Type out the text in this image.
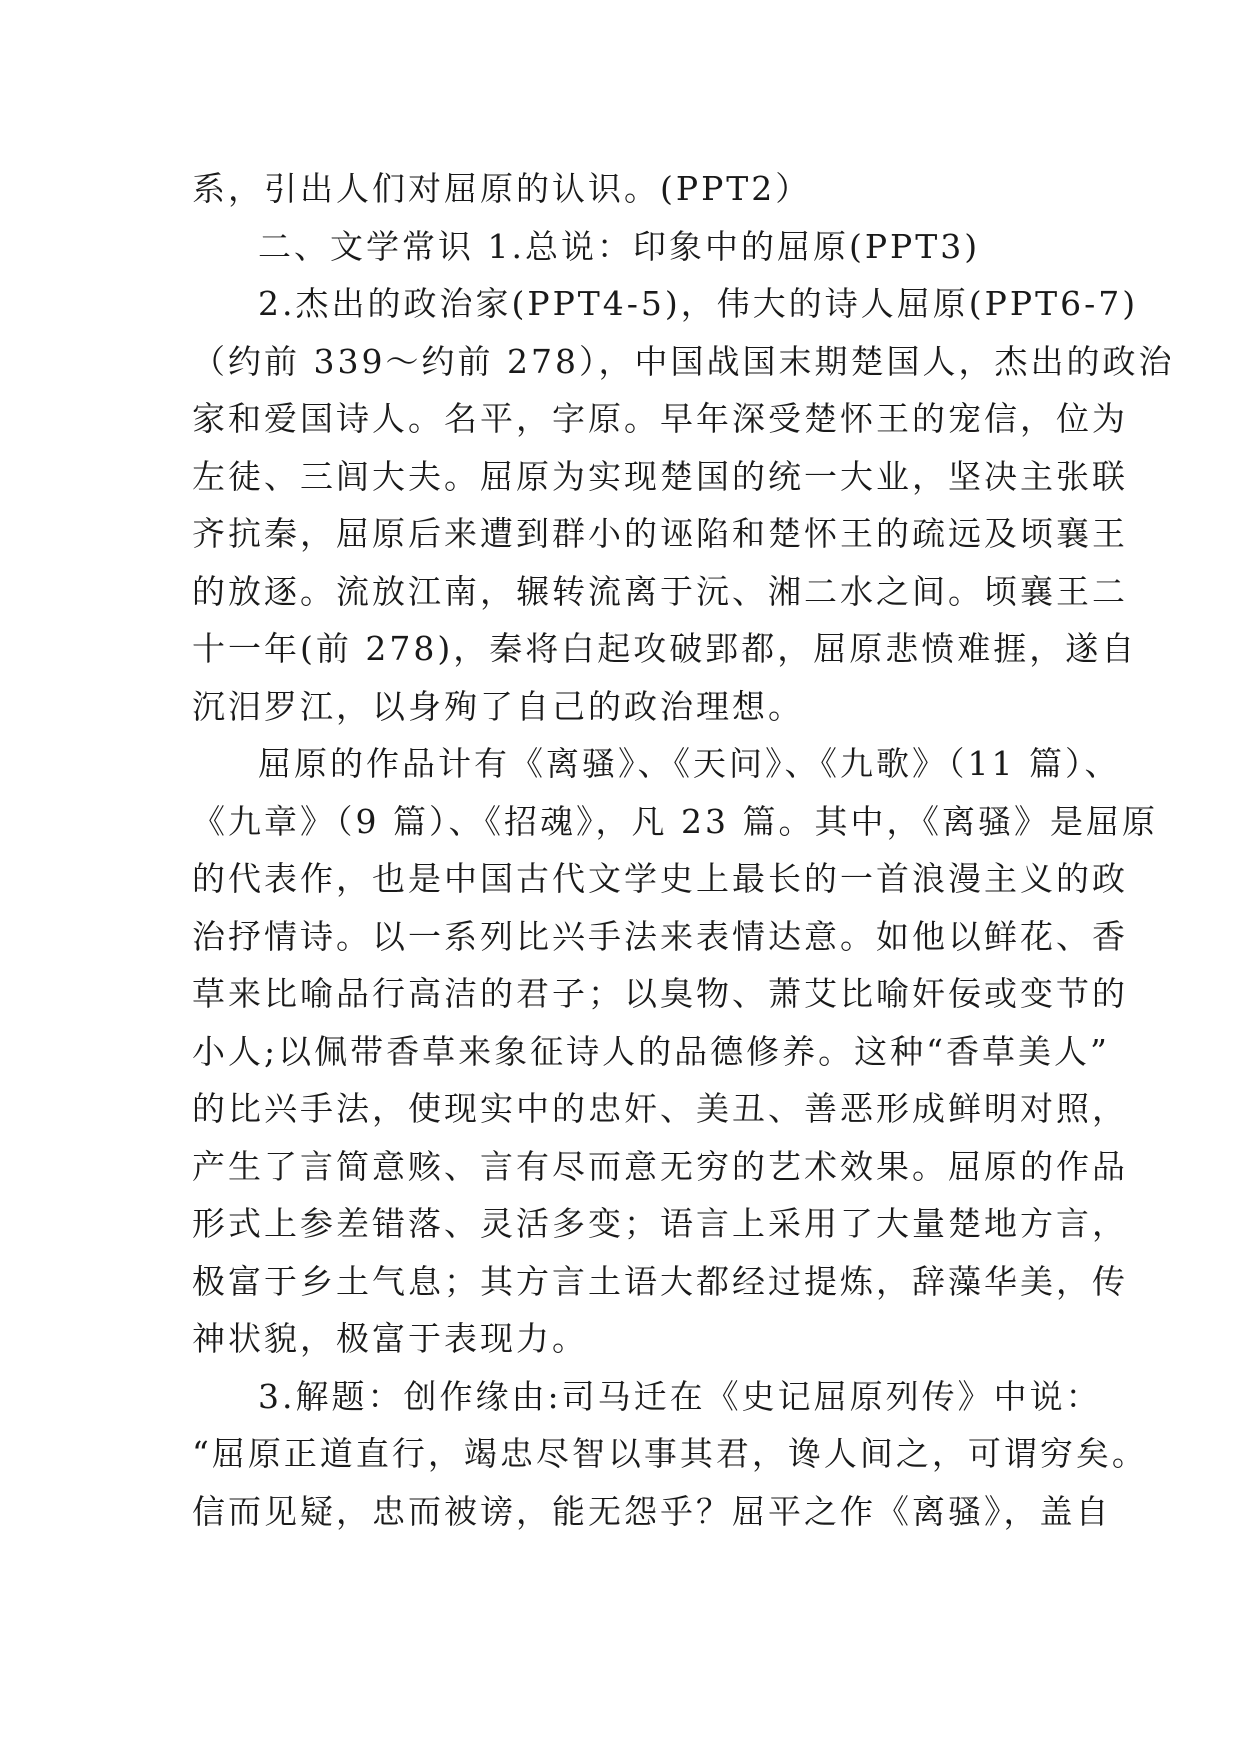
系，引出人们对屈原的认识。(PPT2）
二、文学常识 1.总说：印象中的屈原(PPT3)
2.杰出的政治家(PPT4-5)，伟大的诗人屈原(PPT6-7)
（约前 339～约前 278），中国战国末期楚国人，杰出的政治
家和爱国诗人。名平，字原。早年深受楚怀王的宠信，位为
左徒、三闾大夫。屈原为实现楚国的统一大业，坚决主张联
齐抗秦，屈原后来遭到群小的诬陷和楚怀王的疏远及顷襄王
的放逐。流放江南，辗转流离于沅、湘二水之间。顷襄王二
十一年(前 278)，秦将白起攻破郢都，屈原悲愤难捱，遂自
沉汨罗江，以身殉了自己的政治理想。
屈原的作品计有《离骚》、《天问》、《九歌》（11 篇）、
《九章》（9 篇）、《招魂》，凡 23 篇。其中，《离骚》是屈原
的代表作，也是中国古代文学史上最长的一首浪漫主义的政
治抒情诗。以一系列比兴手法来表情达意。如他以鲜花、香
草来比喻品行高洁的君子；以臭物、萧艾比喻奸佞或变节的
小人;以佩带香草来象征诗人的品德修养。这种“香草美人”
的比兴手法，使现实中的忠奸、美丑、善恶形成鲜明对照，
产生了言简意赅、言有尽而意无穷的艺术效果。屈原的作品
形式上参差错落、灵活多变；语言上采用了大量楚地方言，
极富于乡土气息；其方言土语大都经过提炼，辞藻华美，传
神状貌，极富于表现力。
3.解题：创作缘由:司马迁在《史记屈原列传》中说：
“屈原正道直行，竭忠尽智以事其君，谗人间之，可谓穷矣。
信而见疑，忠而被谤，能无怨乎？屈平之作《离骚》，盖自
